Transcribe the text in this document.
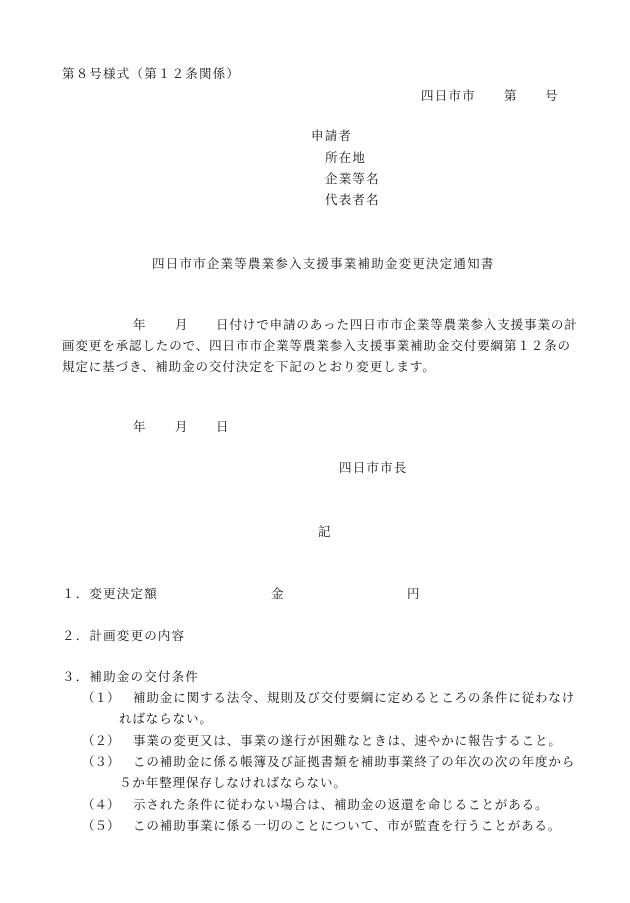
第８号様式（第１２条関係）
四日市市 第 号
申請者
所在地
企業等名
代表者名
四日市市企業等農業参入支援事業補助金変更決定通知書
年 月 日付けで申請のあった四日市市企業等農業参入支援事業の計
画変更を承認したので、四日市市企業等農業参入支援事業補助金交付要綱第１２条の
規定に基づき、補助金の交付決定を下記のとおり変更します。
年 月 日
四日市市長
記
１．変更決定額	金	円
２．計画変更の内容
３．補助金の交付条件
（１） 補助金に関する法令、規則及び交付要綱に定めるところの条件に従わなけ
ればならない。
（２） 事業の変更又は、事業の遂行が困難なときは、速やかに報告すること。
（３） この補助金に係る帳簿及び証拠書類を補助事業終了の年次の次の年度から
５か年整理保存しなければならない。
（４） 示された条件に従わない場合は、補助金の返還を命じることがある。
（５） この補助事業に係る一切のことについて、市が監査を行うことがある。
